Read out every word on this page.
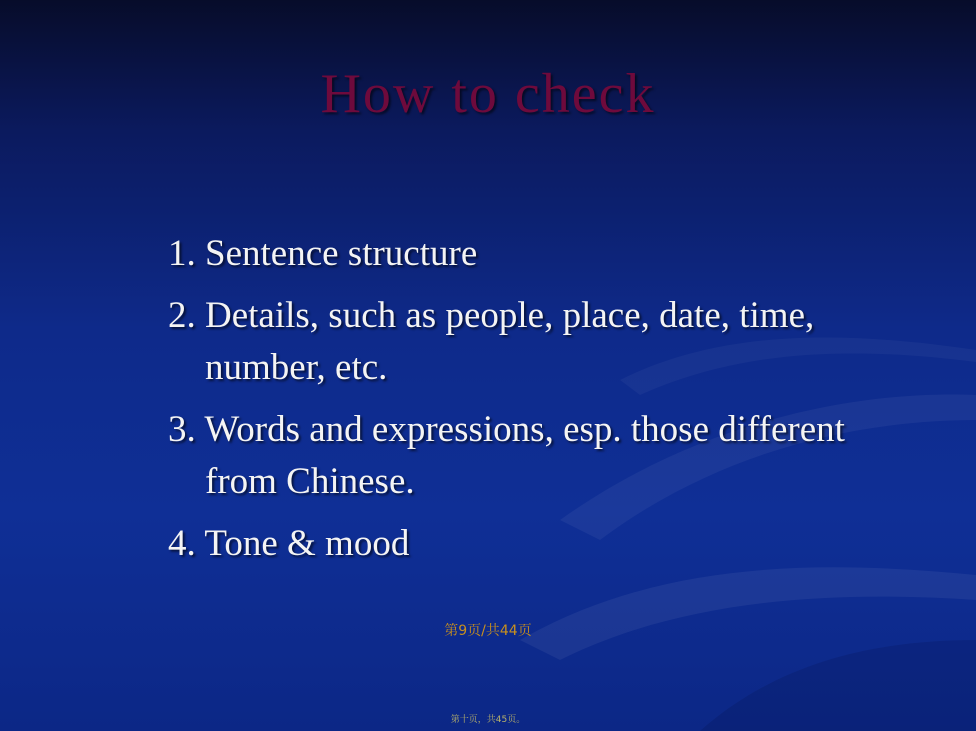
How to check
1. Sentence structure
2. Details, such as people, place, date, time, number, etc.
3. Words and expressions, esp. those different from Chinese.
4. Tone & mood
第9页/共44页
第十页，共45页。
